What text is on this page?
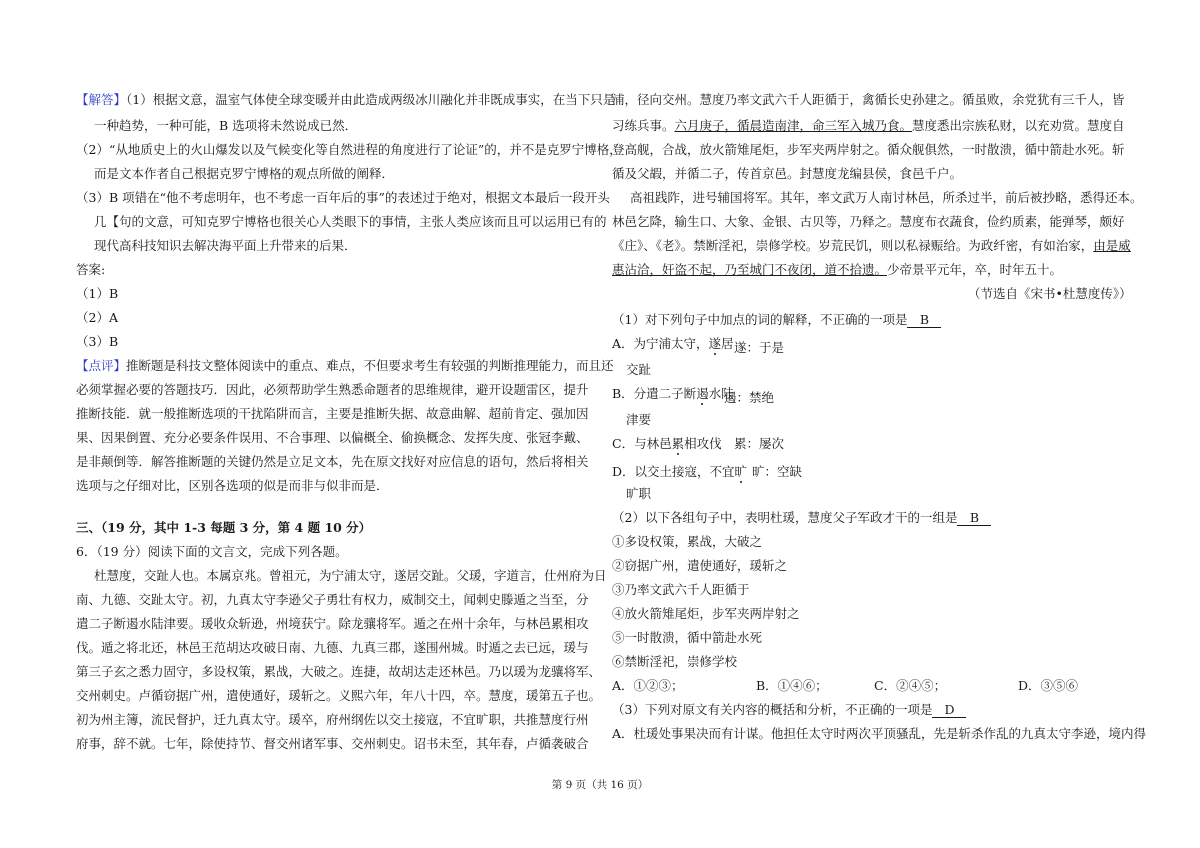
【解答】（1）根据文意，温室气体使全球变暖并由此造成两级冰川融化并非既成事实，在当下只是
一种趋势，一种可能，B 选项将未然说成已然．
（2）“从地质史上的火山爆发以及气候变化等自然进程的角度进行了论证”的，并不是克罗宁博格，
而是文本作者自己根据克罗宁博格的观点所做的阐释．
（3）B 项错在“他不考虑明年，也不考虑一百年后的事”的表述过于绝对，根据文本最后一段开头
几【句的文意，可知克罗宁博格也很关心人类眼下的事情，主张人类应该而且可以运用已有的
现代高科技知识去解决海平面上升带来的后果．
答案:
（1）B
（2）A
（3）B
【点评】推断题是科技文整体阅读中的重点、难点，不但要求考生有较强的判断推理能力，而且还
必须掌握必要的答题技巧．因此，必须帮助学生熟悉命题者的思维规律，避开设题雷区，提升
推断技能．就一般推断选项的干扰陷阱而言，主要是推断失据、故意曲解、超前肯定、强加因
果、因果倒置、充分必要条件误用、不合事理、以偏概全、偷换概念、发挥失度、张冠李戴、
是非颠倒等．解答推断题的关键仍然是立足文本，先在原文找好对应信息的语句，然后将相关
选项与之仔细对比，区别各选项的似是而非与似非而是．
三、（19 分，其中 1-3 每题 3 分，第 4 题 10 分）
6．（19 分）阅读下面的文言文，完成下列各题。
杜慧度，交趾人也。本属京兆。曾祖元，为宁浦太守，遂居交趾。父瑗，字道言，仕州府为日
南、九德、交趾太守。初，九真太守李逊父子勇壮有权力，威制交土，闻刺史滕遁之当至，分
遣二子断遏水陆津要。瑗收众斩逊，州境获宁。除龙骧将军。遁之在州十余年，与林邑累相攻
伐。遁之将北还，林邑王范胡达攻破日南、九德、九真三郡，遂围州城。时遁之去已远，瑗与
第三子玄之悉力固守，多设权策，累战，大破之。连捷，故胡达走还林邑。乃以瑗为龙骧将军、
交州刺史。卢循窃据广州，遣使通好，瑗斩之。义熙六年，年八十四，卒。慧度，瑗第五子也。
初为州主簿，流民督护，迁九真太守。瑗卒，府州纲佐以交土接寇，不宜旷职，共推慧度行州
府事，辞不就。七年，除使持节、督交州诸军事、交州刺史。诏书未至，其年春，卢循袭破合
浦，径向交州。慧度乃率文武六千人距循于，禽循长史孙建之。循虽败，余党犹有三千人，皆
习练兵事。六月庚子，循晨造南津，命三军入城乃食。慧度悉出宗族私财，以充劝赏。慧度自
登高舰，合战，放火箭雉尾炬，步军夹两岸射之。循众舰俱然，一时散溃，循中箭赴水死。斩
循及父嘏，并循二子，传首京邑。封慧度龙编县侯，食邑千户。
高祖践阼，进号辅国将军。其年，率文武万人南讨林邑，所杀过半，前后被抄略，悉得还本。
林邑乞降，输生口、大象、金银、古贝等，乃释之。慧度布衣蔬食，俭约质素，能弹琴，颇好
《庄》、《老》。禁断淫祀，崇修学校。岁荒民饥，则以私禄赈给。为政纤密，有如治家，由是威
惠沾洽，奸盗不起，乃至城门不夜闭，道不拾遗。少帝景平元年，卒，时年五十。
（节选自《宋书•杜慧度传》）
（1）对下列句子中加点的词的解释，不正确的一项是 B
A．为宁浦太守，遂居 遂：于是
交趾
B．分遣二子断遏水陆
遏：禁绝
津要
C．与林邑累相攻伐 累：屡次
D．以交土接寇，不宜旷 旷：空缺
旷职
（2）以下各组句子中，表明杜瑗，慧度父子军政才干的一组是 B
①多设权策，累战，大破之
②窃据广州，遣使通好，瑗斩之
③乃率文武六千人距循于
④放火箭雉尾炬，步军夹两岸射之
⑤一时散溃，循中箭赴水死
⑥禁断淫祀，崇修学校
A．①②③；	B．①④⑥；	C．②④⑤；	D．③⑤⑥
（3）下列对原文有关内容的概括和分析，不正确的一项是 D
A．杜瑗处事果决而有计谋。他担任太守时两次平顶骚乱，先是斩杀作乱的九真太守李逊，境内得
第 9 页（共 16 页）
